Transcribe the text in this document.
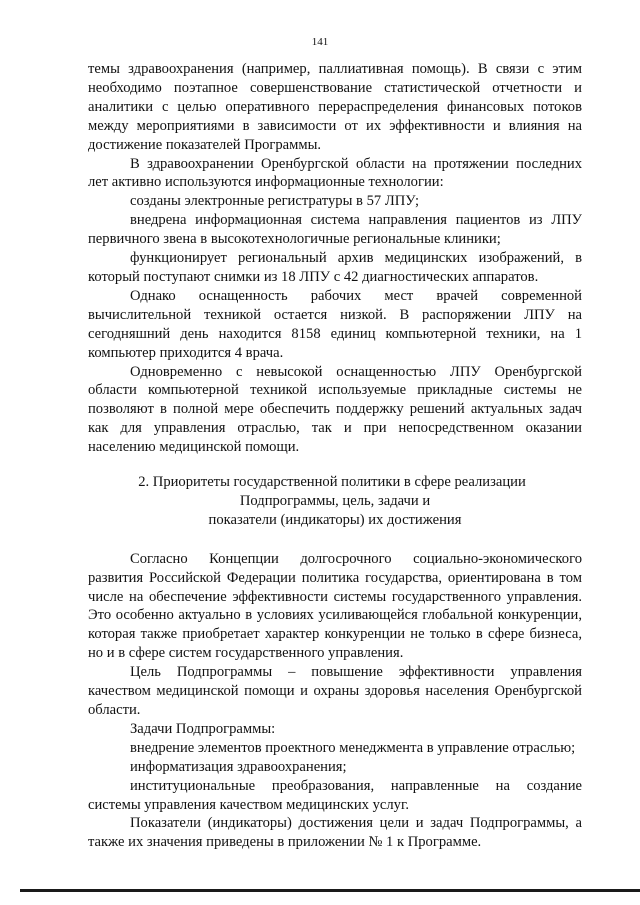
141

темы здравоохранения (например, паллиативная помощь). В связи с этим необходимо поэтапное совершенствование статистической отчетности и аналитики с целью оперативного перераспределения финансовых потоков между мероприятиями в зависимости от их эффективности и влияния на достижение показателей Программы.

В здравоохранении Оренбургской области на протяжении последних лет активно используются информационные технологии:

созданы электронные регистратуры в 57 ЛПУ;

внедрена информационная система направления пациентов из ЛПУ первичного звена в высокотехнологичные региональные клиники;

функционирует региональный архив медицинских изображений, в который поступают снимки из 18 ЛПУ с 42 диагностических аппаратов.

Однако оснащенность рабочих мест врачей современной вычислительной техникой остается низкой. В распоряжении ЛПУ на сегодняшний день находится 8158 единиц компьютерной техники, на 1 компьютер приходится 4 врача.

Одновременно с невысокой оснащенностью ЛПУ Оренбургской области компьютерной техникой используемые прикладные системы не позволяют в полной мере обеспечить поддержку решений актуальных задач как для управления отраслью, так и при непосредственном оказании населению медицинской помощи.

2. Приоритеты государственной политики в сфере реализации
Подпрограммы, цель, задачи и
показатели (индикаторы) их достижения

Согласно Концепции долгосрочного социально-экономического развития Российской Федерации политика государства, ориентирована в том числе на обеспечение эффективности системы государственного управления. Это особенно актуально в условиях усиливающейся глобальной конкуренции, которая также приобретает характер конкуренции не только в сфере бизнеса, но и в сфере систем государственного управления.

Цель Подпрограммы – повышение эффективности управления качеством медицинской помощи и охраны здоровья населения Оренбургской области.

Задачи Подпрограммы:

внедрение элементов проектного менеджмента в управление отраслью;

информатизация здравоохранения;

институциональные преобразования, направленные на создание системы управления качеством медицинских услуг.

Показатели (индикаторы) достижения цели и задач Подпрограммы, а также их значения приведены в приложении № 1 к Программе.
